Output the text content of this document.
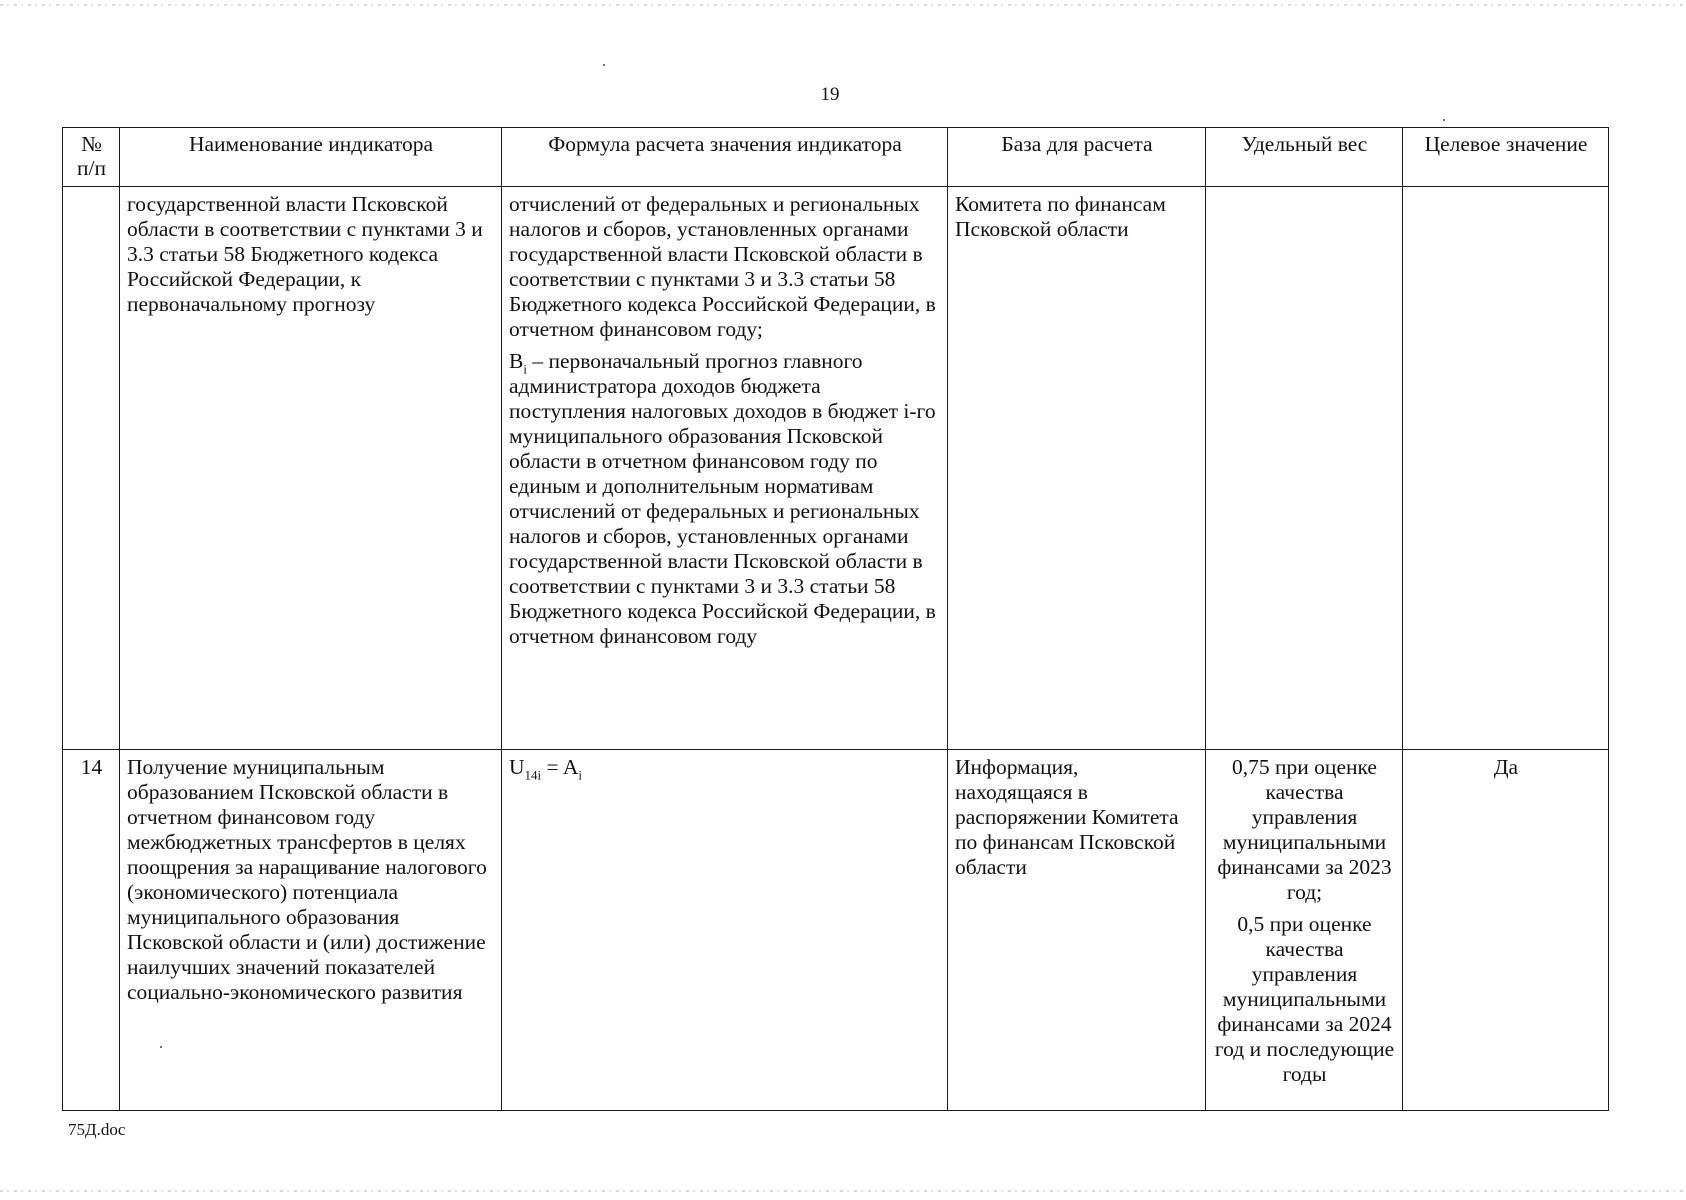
19
№
п/п	Наименование индикатора	Формула расчета значения индикатора	База для расчета	Удельный вес	Целевое значение
	государственной власти Псковской области в соответствии с пунктами 3 и 3.3 статьи 58 Бюджетного кодекса Российской Федерации, к первоначальному прогнозу	отчислений от федеральных и региональных налогов и сборов, установленных органами государственной власти Псковской области в соответствии с пунктами 3 и 3.3 статьи 58 Бюджетного кодекса Российской Федерации, в отчетном финансовом году;
$B_i$ – первоначальный прогноз главного администратора доходов бюджета поступления налоговых доходов в бюджет i-го муниципального образования Псковской области в отчетном финансовом году по единым и дополнительным нормативам отчислений от федеральных и региональных налогов и сборов, установленных органами государственной власти Псковской области в соответствии с пунктами 3 и 3.3 статьи 58 Бюджетного кодекса Российской Федерации, в отчетном финансовом году	Комитета по финансам Псковской области		
14	Получение муниципальным образованием Псковской области в отчетном финансовом году межбюджетных трансфертов в целях поощрения за наращивание налогового (экономического) потенциала муниципального образования Псковской области и (или) достижение наилучших значений показателей социально-экономического развития	$U_{14i} = A_i$	Информация, находящаяся в распоряжении Комитета по финансам Псковской области	0,75 при оценке качества управления муниципальными финансами за 2023 год;
0,5 при оценке качества управления муниципальными финансами за 2024 год и последующие годы	Да
75Д.doc
